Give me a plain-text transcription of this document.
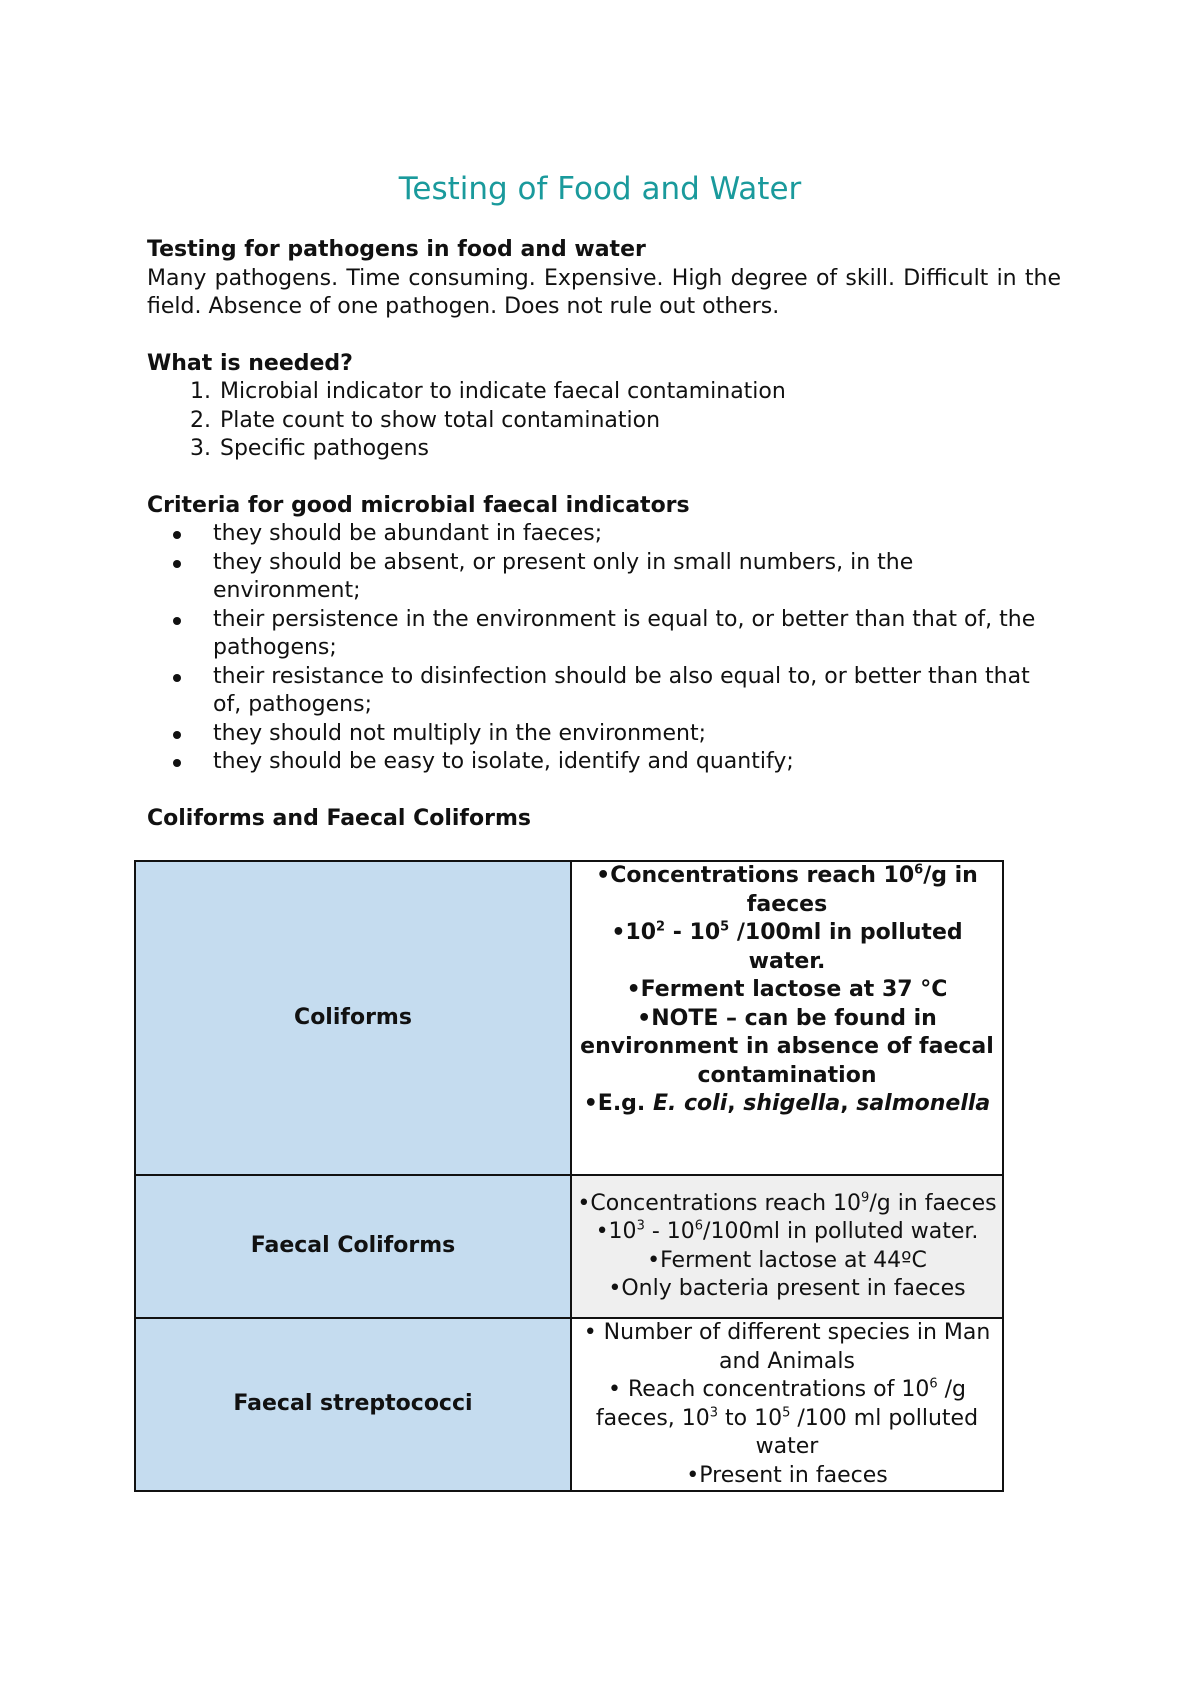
Testing of Food and Water

Testing for pathogens in food and water

Many pathogens. Time consuming. Expensive. High degree of skill. Difficult in the field. Absence of one pathogen. Does not rule out others.

What is needed?

1. Microbial indicator to indicate faecal contamination
2. Plate count to show total contamination
3. Specific pathogens

Criteria for good microbial faecal indicators

they should be abundant in faeces;
they should be absent, or present only in small numbers, in the environment;
their persistence in the environment is equal to, or better than that of, the pathogens;
their resistance to disinfection should be also equal to, or better than that of, pathogens;
they should not multiply in the environment;
they should be easy to isolate, identify and quantify;

Coliforms and Faecal Coliforms

Coliforms	•Concentrations reach $10^6/g$ in faeces

$•10^2 - 10^5$ /100ml in polluted water.

•Ferment lactose at 37 °C

•NOTE – can be found in environment in absence of faecal contamination

•E.g. E. coli, shigella, salmonella

Faecal Coliforms	•Concentrations reach $10^9/g$ in faeces

$•10^3 - 10^6/100ml$ in polluted water. •Ferment lactose at 44ºC

•Only bacteria present in faeces

Faecal streptococci	• Number of different species in Man and Animals

• Reach concentrations of $10^6$ /g faeces, $10^3$ to $10^5$ /100 ml polluted water

•Present in faeces
